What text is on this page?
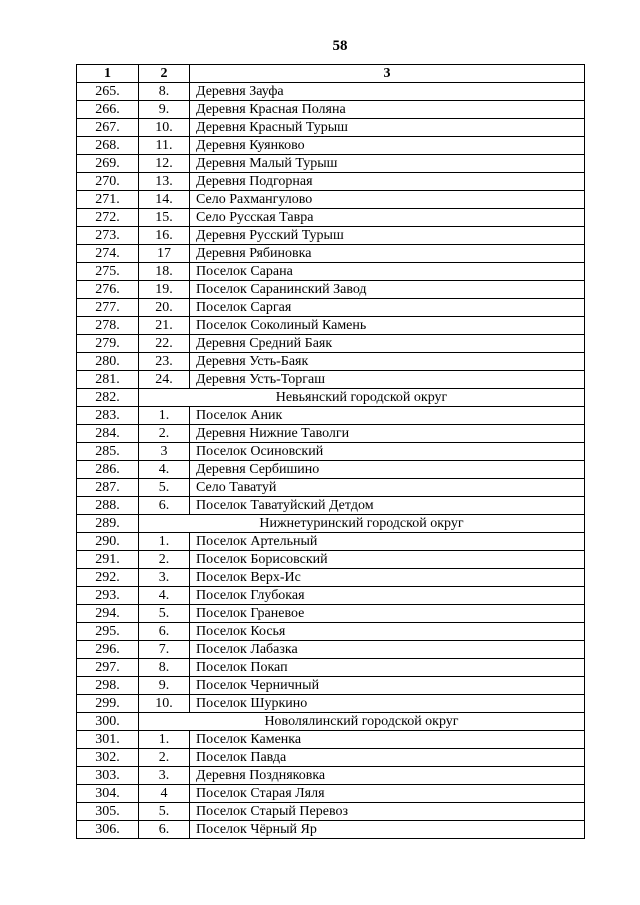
58
1	2	3
265.	8.	Деревня Зауфа
266.	9.	Деревня Красная Поляна
267.	10.	Деревня Красный Турыш
268.	11.	Деревня Куянково
269.	12.	Деревня Малый Турыш
270.	13.	Деревня Подгорная
271.	14.	Село Рахмангулово
272.	15.	Село Русская Тавра
273.	16.	Деревня Русский Турыш
274.	17	Деревня Рябиновка
275.	18.	Поселок Сарана
276.	19.	Поселок Саранинский Завод
277.	20.	Поселок Саргая
278.	21.	Поселок Соколиный Камень
279.	22.	Деревня Средний Баяк
280.	23.	Деревня Усть-Баяк
281.	24.	Деревня Усть-Торгаш
282.	Невьянский городской округ	
283.	1.	Поселок Аник
284.	2.	Деревня Нижние Таволги
285.	3	Поселок Осиновский
286.	4.	Деревня Сербишино
287.	5.	Село Таватуй
288.	6.	Поселок Таватуйский Детдом
289.	Нижнетуринский городской округ	
290.	1.	Поселок Артельный
291.	2.	Поселок Борисовский
292.	3.	Поселок Верх-Ис
293.	4.	Поселок Глубокая
294.	5.	Поселок Граневое
295.	6.	Поселок Косья
296.	7.	Поселок Лабазка
297.	8.	Поселок Покап
298.	9.	Поселок Черничный
299.	10.	Поселок Шуркино
300.	Новолялинский городской округ	
301.	1.	Поселок Каменка
302.	2.	Поселок Павда
303.	3.	Деревня Поздняковка
304.	4	Поселок Старая Ляля
305.	5.	Поселок Старый Перевоз
306.	6.	Поселок Чёрный Яр
